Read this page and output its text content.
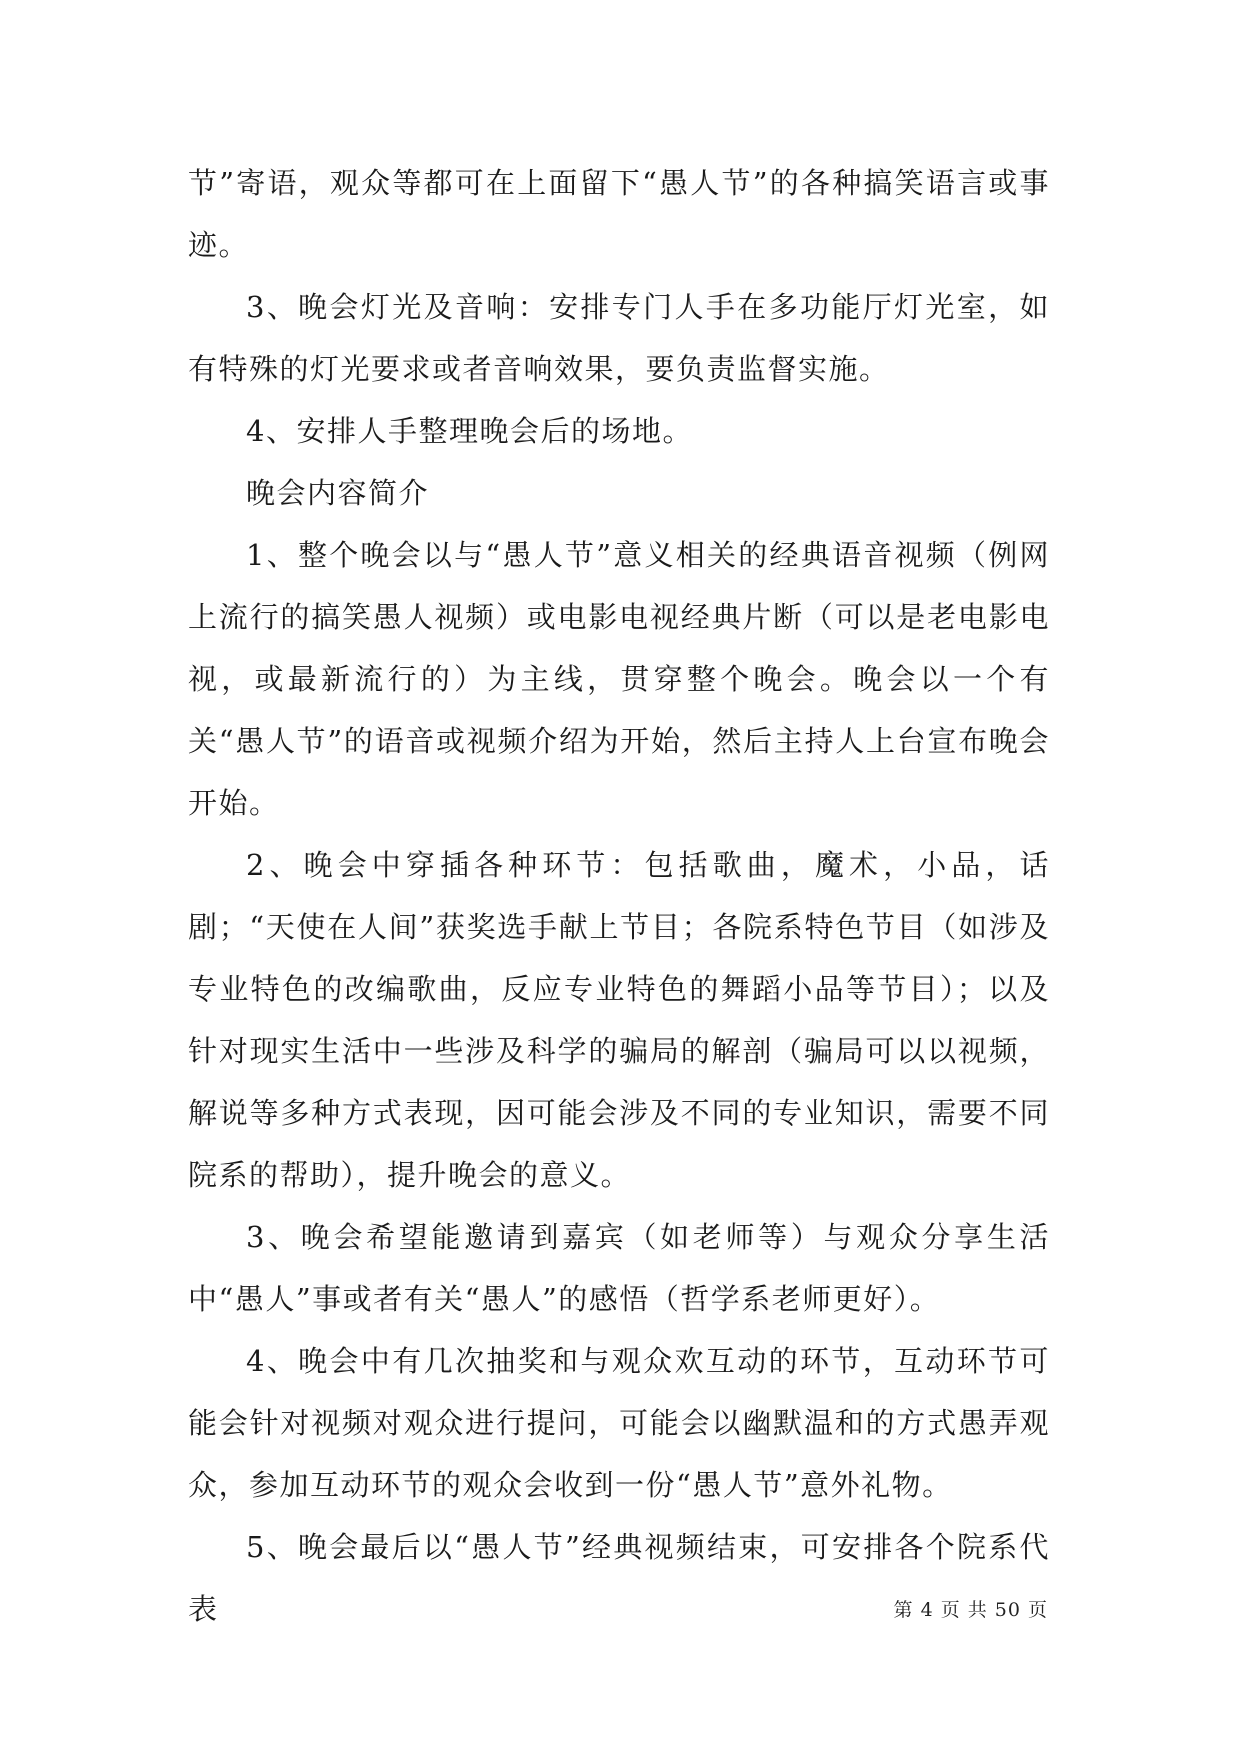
节”寄语，观众等都可在上面留下“愚人节”的各种搞笑语言或事迹。

3、晚会灯光及音响：安排专门人手在多功能厅灯光室，如有特殊的灯光要求或者音响效果，要负责监督实施。

4、安排人手整理晚会后的场地。

晚会内容简介

1、整个晚会以与“愚人节”意义相关的经典语音视频（例网上流行的搞笑愚人视频）或电影电视经典片断（可以是老电影电视，或最新流行的）为主线，贯穿整个晚会。晚会以一个有关“愚人节”的语音或视频介绍为开始，然后主持人上台宣布晚会开始。

2、晚会中穿插各种环节：包括歌曲，魔术，小品，话剧；“天使在人间”获奖选手献上节目；各院系特色节目（如涉及专业特色的改编歌曲，反应专业特色的舞蹈小品等节目）；以及针对现实生活中一些涉及科学的骗局的解剖（骗局可以以视频，解说等多种方式表现，因可能会涉及不同的专业知识，需要不同院系的帮助），提升晚会的意义。

3、晚会希望能邀请到嘉宾（如老师等）与观众分享生活中“愚人”事或者有关“愚人”的感悟（哲学系老师更好）。

4、晚会中有几次抽奖和与观众欢互动的环节，互动环节可能会针对视频对观众进行提问，可能会以幽默温和的方式愚弄观众，参加互动环节的观众会收到一份“愚人节”意外礼物。

5、晚会最后以“愚人节”经典视频结束，可安排各个院系代表	第 4 页 共 50 页
